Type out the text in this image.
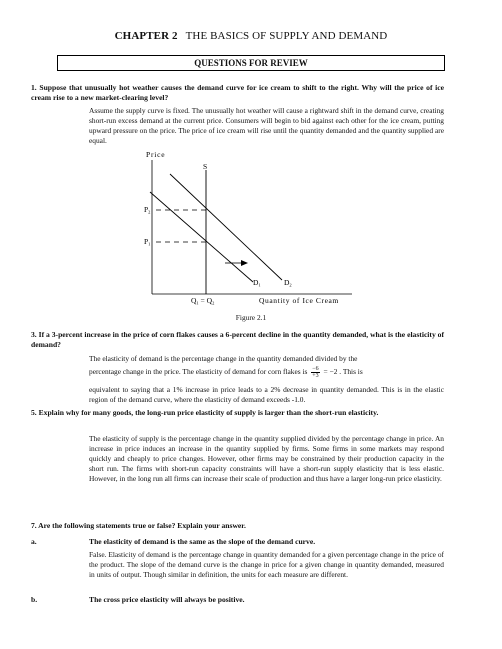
CHAPTER 2 THE BASICS OF SUPPLY AND DEMAND
QUESTIONS FOR REVIEW
1. Suppose that unusually hot weather causes the demand curve for ice cream to shift to the right. Why will the price of ice cream rise to a new market-clearing level?
Assume the supply curve is fixed. The unusually hot weather will cause a rightward shift in the demand curve, creating short-run excess demand at the current price. Consumers will begin to bid against each other for the ice cream, putting upward pressure on the price. The price of ice cream will rise until the quantity demanded and the quantity supplied are equal.
Price
S
$P_2$
$P_1$
$D_1$	$D_2$
$Q_1 = Q_2$	Quantity of Ice Cream
Figure 2.1
3. If a 3-percent increase in the price of corn flakes causes a 6-percent decline in the quantity demanded, what is the elasticity of demand?
The elasticity of demand is the percentage change in the quantity demanded divided by the
percentage change in the price. The elasticity of demand for corn flakes is $\frac{-6}{+3} = -2$ . This is
equivalent to saying that a 1% increase in price leads to a 2% decrease in quantity demanded. This is in the elastic region of the demand curve, where the elasticity of demand exceeds -1.0.
5. Explain why for many goods, the long-run price elasticity of supply is larger than the short-run elasticity.
The elasticity of supply is the percentage change in the quantity supplied divided by the percentage change in price. An increase in price induces an increase in the quantity supplied by firms. Some firms in some markets may respond quickly and cheaply to price changes. However, other firms may be constrained by their production capacity in the short run. The firms with short-run capacity constraints will have a short-run supply elasticity that is less elastic. However, in the long run all firms can increase their scale of production and thus have a larger long-run price elasticity.
7. Are the following statements true or false? Explain your answer.
a.	The elasticity of demand is the same as the slope of the demand curve.
False. Elasticity of demand is the percentage change in quantity demanded for a given percentage change in the price of the product. The slope of the demand curve is the change in price for a given change in quantity demanded, measured in units of output. Though similar in definition, the units for each measure are different.
b.	The cross price elasticity will always be positive.
